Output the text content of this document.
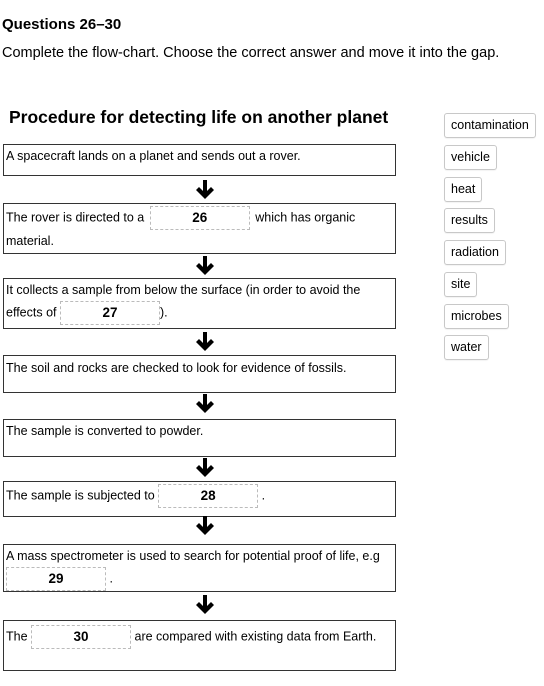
Questions 26–30
Complete the flow-chart. Choose the correct answer and move it into the gap.
Procedure for detecting life on another planet
A spacecraft lands on a planet and sends out a rover.
The rover is directed to a	26	which has organic
material.
It collects a sample from below the surface (in order to avoid the
effects of	27	).
The soil and rocks are checked to look for evidence of fossils.
The sample is converted to powder.
The sample is subjected to	28	.
A mass spectrometer is used to search for potential proof of life, e.g
29	.
The	30	are compared with existing data from Earth.
contamination
vehicle
heat
results
radiation
site
microbes
water
